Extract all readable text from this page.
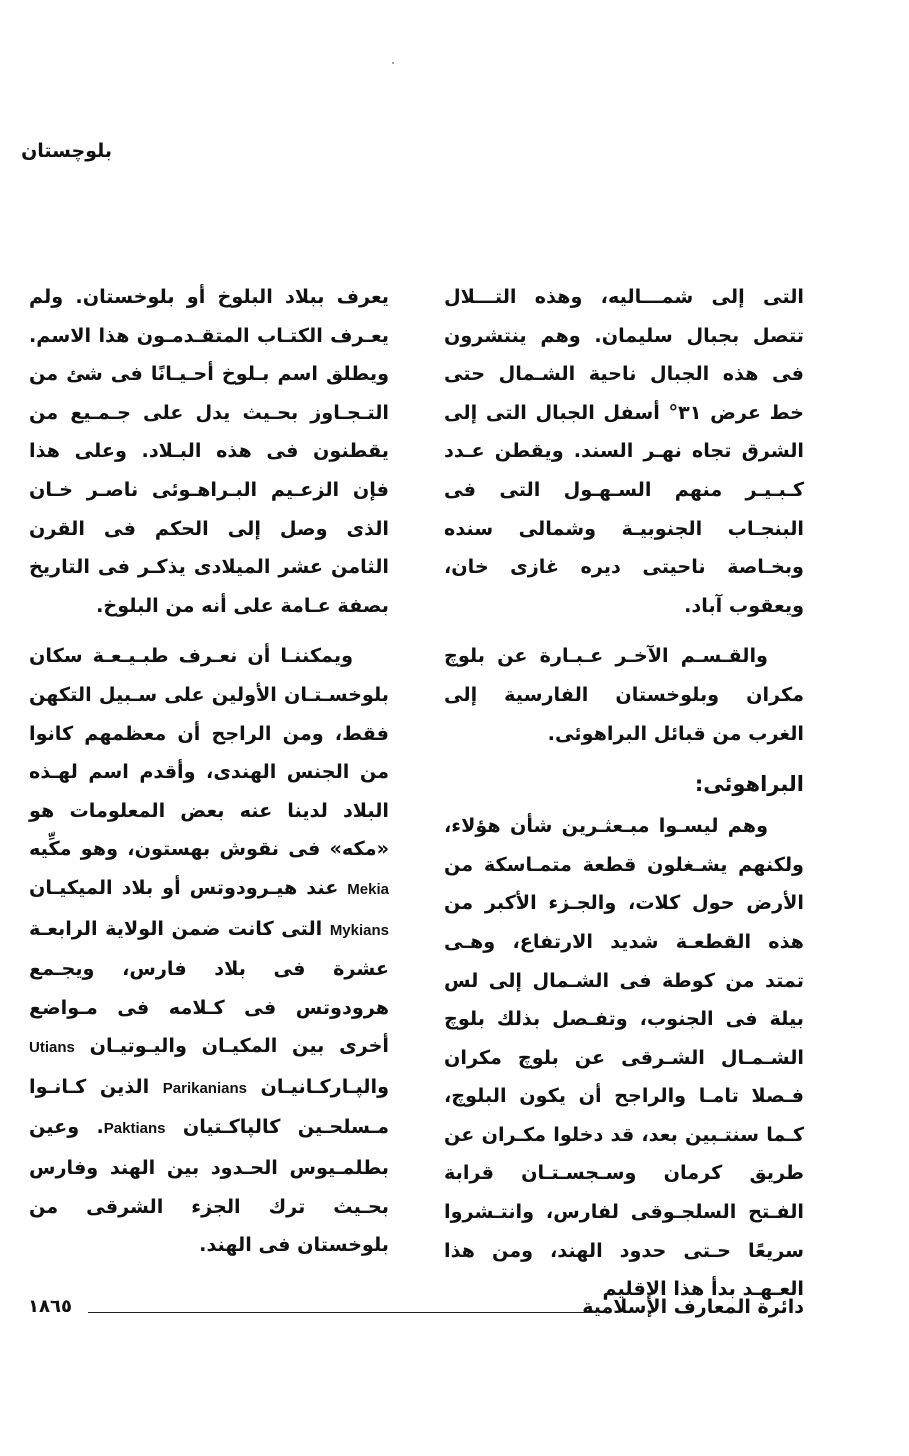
بلوچستان

التى إلى شمـــاليه، وهذه التـــلال تتصل بجبال سليمان. وهم ينتشرون فى هذه الجبال ناحية الشـمال حتى خط عرض ٣١° أسفل الجبال التى إلى الشرق تجاه نهـر السند. ويقطن عـدد كـبـيـر منهم السـهـول التى فى البنجـاب الجنوبيـة وشمالى سنده وبخـاصة ناحيتى ديره غازى خان، ويعقوب آباد.

والقـسـم الآخـر عـبـارة عن بلوچ مكران وبلوخستان الفارسية إلى الغرب من قبائل البراهوئى.

البراهوئى:

وهم ليسـوا مبـعثـرين شأن هؤلاء، ولكنهم يشـغلون قطعة متمـاسكة من الأرض حول كلات، والجـزء الأكبر من هذه القطعـة شديد الارتفاع، وهـى تمتد من كوطة فى الشـمال إلى لس بيلة فى الجنوب، وتفـصل بذلك بلوچ الشـمـال الشـرقى عن بلوچ مكران فـصلا تامـا والراجح أن يكون البلوچ، كـما سنتـبين بعد، قد دخلوا مكـران عن طريق كرمان وسـجسـتـان قرابة الفـتح السلجـوقى لفارس، وانتـشروا سريعًا حـتى حدود الهند، ومن هذا العـهـد بدأ هذا الإقليم

يعرف ببلاد البلوخ أو بلوخستان. ولم يعـرف الكتـاب المتقـدمـون هذا الاسم. ويطلق اسم بـلوخ أحـيـانًا فى شئ من التـجـاوز بحـيث يدل على جـمـيع من يقطنون فى هذه البـلاد. وعلى هذا فإن الزعـيم البـراهـوئى ناصـر خـان الذى وصل إلى الحكم فى القرن الثامن عشر الميلادى يذكـر فى التاريخ بصفة عـامة على أنه من البلوخ.

ويمكننـا أن نعـرف طبـيـعـة سكان بلوخسـتـان الأولين على سـبيل التكهن فقط، ومن الراجح أن معظمهم كانوا من الجنس الهندى، وأقدم اسم لهـذه البلاد لدينا عنه بعض المعلومات هو «مكه» فى نقوش بهستون، وهو مكِّيه Mekia عند هيـرودوتس أو بلاد الميكيـان Mykians التى كانت ضمن الولاية الرابعـة عشرة فى بلاد فارس، ويجـمع هرودوتس فى كـلامه فى مـواضع أخرى بين المكيـان واليـوتيـان Utians والپـاركـانيـان Parikanians الذين كـانـوا مـسلحـين كالپاكـتيان Paktians. وعين بطلمـيوس الحـدود بين الهند وفارس بحـيث ترك الجزء الشرقى من بلوخستان فى الهند.

دائرة المعارف الإسلامية
١٨٦٥
